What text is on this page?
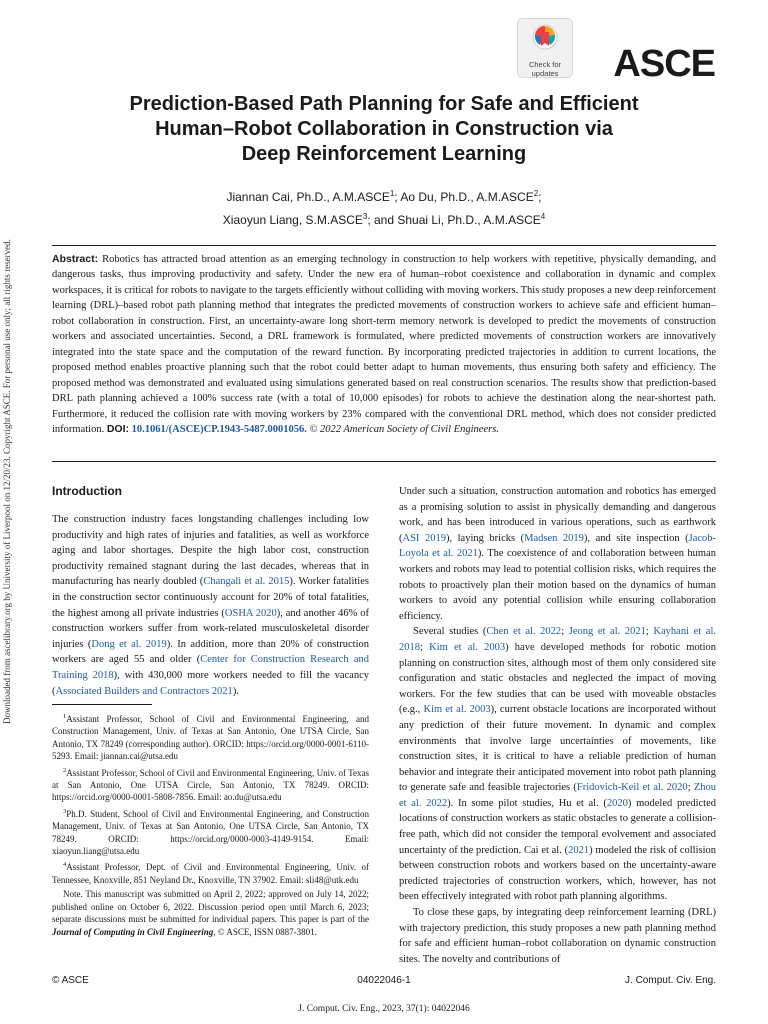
Downloaded from ascelibrary.org by University of Liverpool on 12/20/23. Copyright ASCE. For personal use only; all rights reserved.
Check for
updates	ASCE
Prediction-Based Path Planning for Safe and Efficient
Human–Robot Collaboration in Construction via
Deep Reinforcement Learning
Jiannan Cai, Ph.D., A.M.ASCE$^1$; Ao Du, Ph.D., A.M.ASCE$^2$;
Xiaoyun Liang, S.M.ASCE$^3$; and Shuai Li, Ph.D., A.M.ASCE$^4$
Abstract: Robotics has attracted broad attention as an emerging technology in construction to help workers with repetitive, physically demanding, and dangerous tasks, thus improving productivity and safety. Under the new era of human–robot coexistence and collaboration in dynamic and complex workspaces, it is critical for robots to navigate to the targets efficiently without colliding with moving workers. This study proposes a new deep reinforcement learning (DRL)–based robot path planning method that integrates the predicted movements of construction workers to achieve safe and efficient human–robot collaboration in construction. First, an uncertainty-aware long short-term memory network is developed to predict the movements of construction workers and associated uncertainties. Second, a DRL framework is formulated, where predicted movements of construction workers are innovatively integrated into the state space and the computation of the reward function. By incorporating predicted trajectories in addition to current locations, the proposed method enables proactive planning such that the robot could better adapt to human movements, thus ensuring both safety and efficiency. The proposed method was demonstrated and evaluated using simulations generated based on real construction scenarios. The results show that prediction-based DRL path planning achieved a 100% success rate (with a total of 10,000 episodes) for robots to achieve the destination along the near-shortest path. Furthermore, it reduced the collision rate with moving workers by 23% compared with the conventional DRL method, which does not consider predicted information. DOI: 10.1061/(ASCE)CP.1943-5487.0001056. © 2022 American Society of Civil Engineers.
Introduction

The construction industry faces longstanding challenges including low productivity and high rates of injuries and fatalities, as well as workforce aging and labor shortages. Despite the high labor cost, construction productivity remained stagnant during the last decades, whereas that in manufacturing has nearly doubled (Changali et al. 2015). Worker fatalities in the construction sector continuously account for 20% of total fatalities, the highest among all private industries (OSHA 2020), and another 46% of construction workers suffer from work-related musculoskeletal disorder injuries (Dong et al. 2019). In addition, more than 20% of construction workers are aged 55 and older (Center for Construction Research and Training 2018), with 430,000 more workers needed to fill the vacancy (Associated Builders and Contractors 2021).

$^1$Assistant Professor, School of Civil and Environmental Engineering, and Construction Management, Univ. of Texas at San Antonio, One UTSA Circle, San Antonio, TX 78249 (corresponding author). ORCID: https://orcid.org/0000-0001-6110-5293. Email: jiannan.cai@utsa.edu

$^2$Assistant Professor, School of Civil and Environmental Engineering, Univ. of Texas at San Antonio, One UTSA Circle, San Antonio, TX 78249. ORCID: https://orcid.org/0000-0001-5808-7856. Email: ao.du@utsa.edu

$^3$Ph.D. Student, School of Civil and Environmental Engineering, and Construction Management, Univ. of Texas at San Antonio, One UTSA Circle, San Antonio, TX 78249. ORCID: https://orcid.org/0000-0003-4149-9154. Email: xiaoyun.liang@utsa.edu

$^4$Assistant Professor, Dept. of Civil and Environmental Engineering, Univ. of Tennessee, Knoxville, 851 Neyland Dr., Knoxville, TN 37902. Email: sli48@utk.edu

Note. This manuscript was submitted on April 2, 2022; approved on July 14, 2022; published online on October 6, 2022. Discussion period open until March 6, 2023; separate discussions must be submitted for individual papers. This paper is part of the Journal of Computing in Civil Engineering, © ASCE, ISSN 0887-3801.

Under such a situation, construction automation and robotics has emerged as a promising solution to assist in physically demanding and dangerous work, and has been introduced in various operations, such as earthwork (ASI 2019), laying bricks (Madsen 2019), and site inspection (Jacob-Loyola et al. 2021). The coexistence of and collaboration between human workers and robots may lead to potential collision risks, which requires the robots to proactively plan their motion based on the dynamics of human workers to avoid any potential collision while ensuring collaboration efficiency.

Several studies (Chen et al. 2022; Jeong et al. 2021; Kayhani et al. 2018; Kim et al. 2003) have developed methods for robotic motion planning on construction sites, although most of them only considered site configuration and static obstacles and neglected the impact of moving workers. For the few studies that can be used with moveable obstacles (e.g., Kim et al. 2003), current obstacle locations are incorporated without any prediction of their future movement. In dynamic and complex environments that involve large uncertainties of movements, like construction sites, it is critical to have a reliable prediction of human behavior and integrate their anticipated movement into robot path planning to generate safe and feasible trajectories (Fridovich-Keil et al. 2020; Zhou et al. 2022). In some pilot studies, Hu et al. (2020) modeled predicted locations of construction workers as static obstacles to generate a collision-free path, which did not consider the temporal evolvement and associated uncertainty of the prediction. Cai et al. (2021) modeled the risk of collision between construction robots and workers based on the uncertainty-aware predicted trajectories of construction workers, which, however, has not been effectively integrated with robot path planning algorithms.

To close these gaps, by integrating deep reinforcement learning (DRL) with trajectory prediction, this study proposes a new path planning method for safe and efficient human–robot collaboration on dynamic construction sites. The novelty and contributions of

04022046-1
© ASCE	J. Comput. Civ. Eng.
J. Comput. Civ. Eng., 2023, 37(1): 04022046
